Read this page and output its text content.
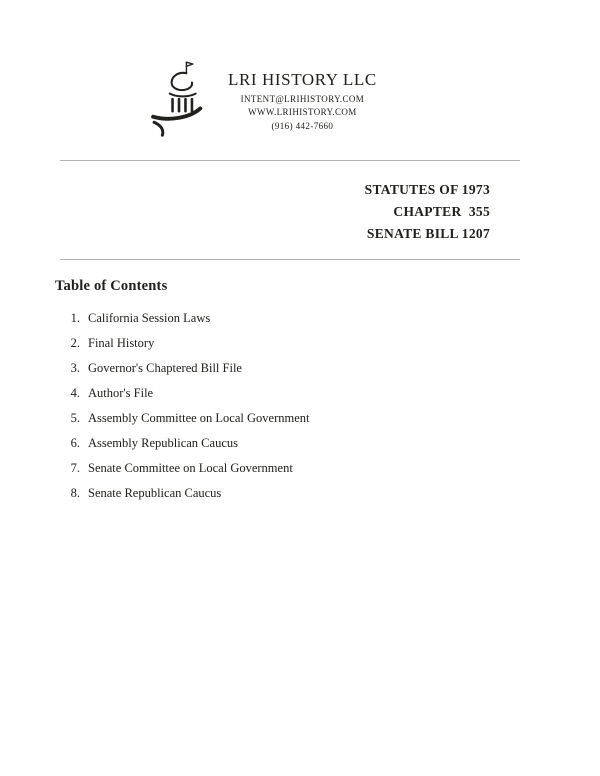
LRI HISTORY LLC
INTENT@LRIHISTORY.COM
WWW.LRIHISTORY.COM
(916) 442-7660
STATUTES OF 1973
CHAPTER  355
SENATE BILL 1207
Table of Contents
1. California Session Laws
2. Final History
3. Governor's Chaptered Bill File
4. Author's File
5. Assembly Committee on Local Government
6. Assembly Republican Caucus
7. Senate Committee on Local Government
8. Senate Republican Caucus
